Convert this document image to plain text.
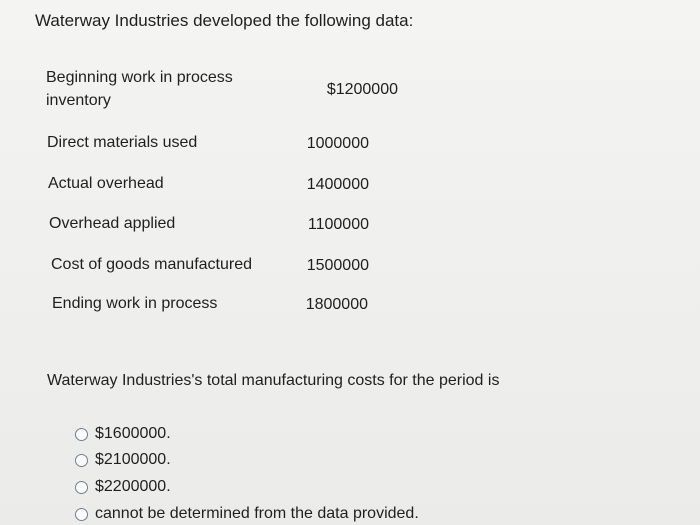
Waterway Industries developed the following data:
Beginning work in process inventory
$1200000
Direct materials used	1000000
Actual overhead	1400000
Overhead applied	1100000
Cost of goods manufactured	1500000
Ending work in process	1800000
Waterway Industries's total manufacturing costs for the period is
$1600000.
$2100000.
$2200000.
cannot be determined from the data provided.
